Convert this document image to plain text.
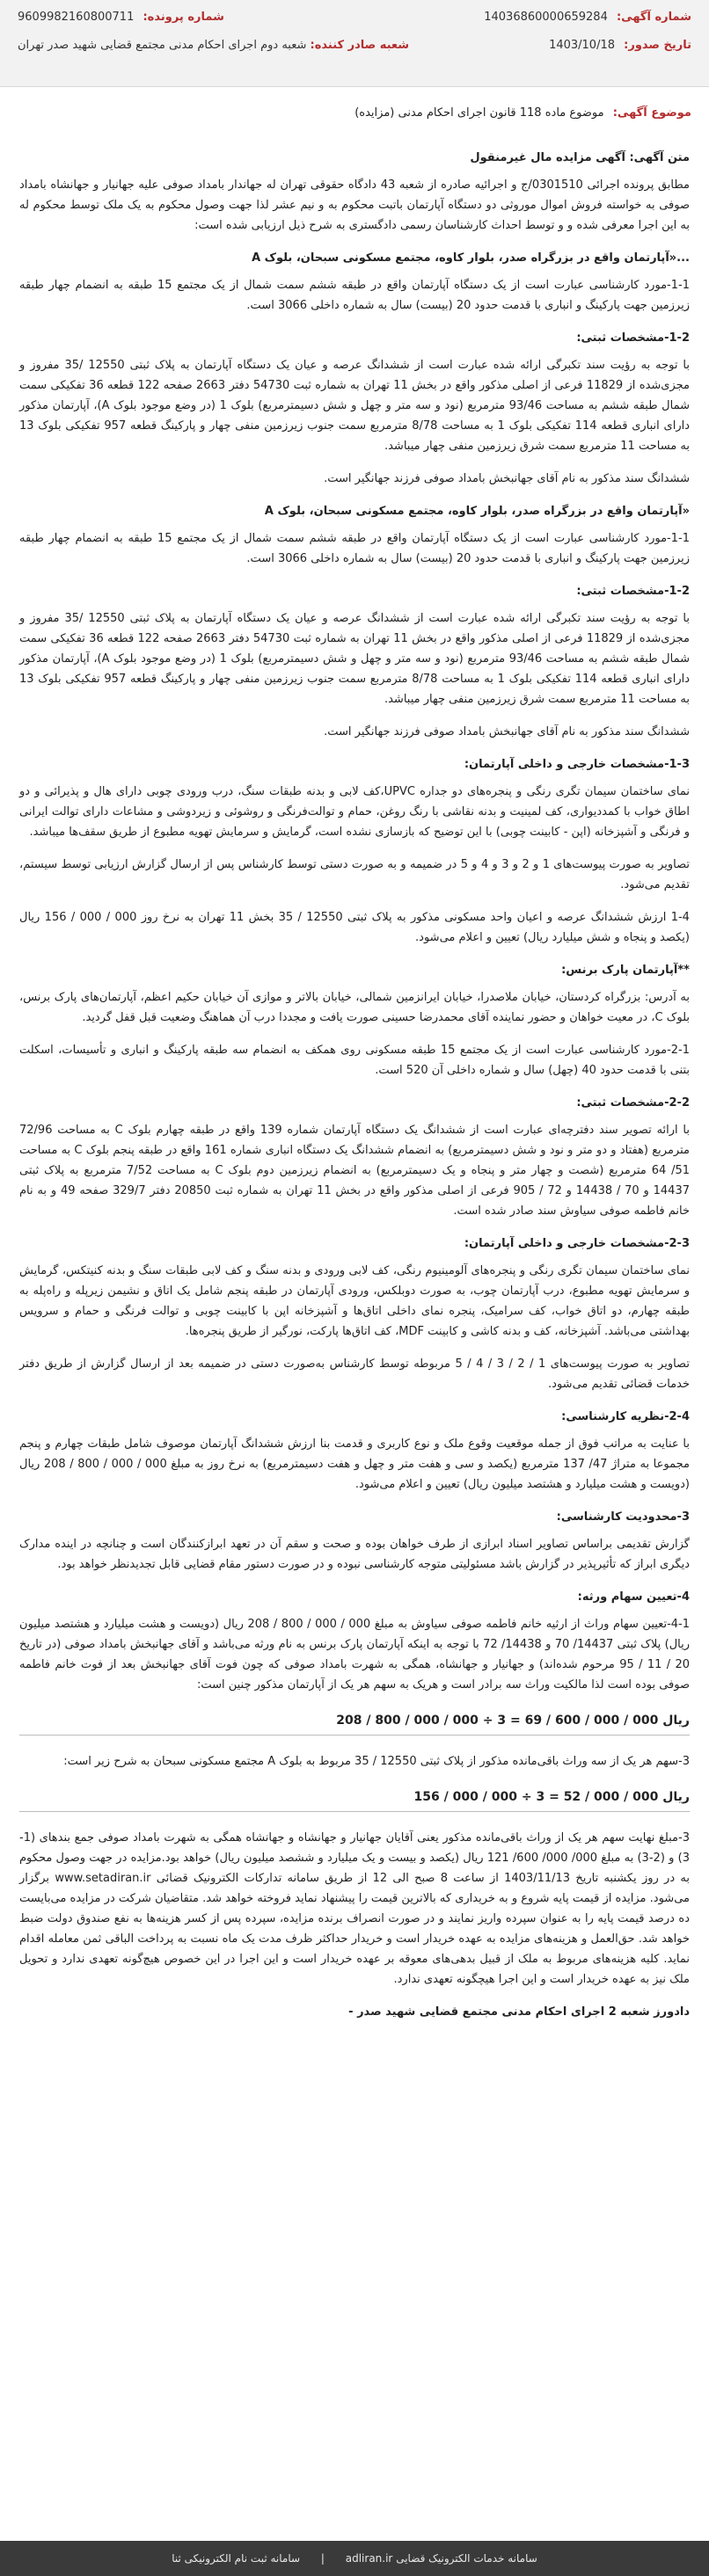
شماره آگهی: 14036860000659284
شماره پرونده: 9609982160800711
تاریخ صدور: 1403/10/18
شعبه صادر کننده: شعبه دوم اجرای احکام مدنی مجتمع قضایی شهید صدر تهران
موضوع آگهی: موضوع ماده 118 قانون اجرای احکام مدنی (مزایده)

متن آگهی: آگهی مزایده مال غیرمنقول

مطابق پرونده اجرائی 0301510/ج و اجرائیه صادره از شعبه 43 دادگاه حقوقی تهران له جهاندار بامداد صوفی علیه جهانیار و جهانشاه بامداد صوفی به خواسته فروش اموال موروثی دو دستگاه آپارتمان باتبت محکوم به و نیم عشر لذا جهت وصول محکوم به یک ملک توسط محکوم له به این اجرا معرفی شده و و توسط احداث کارشناسان رسمی دادگستری به شرح ذیل ارزیابی شده است:

...«آپارتمان واقع در بزرگراه صدر، بلوار کاوه، مجتمع مسکونی سبحان، بلوک A

1-1-مورد کارشناسی عبارت است از یک دستگاه آپارتمان واقع در طبقه ششم سمت شمال از یک مجتمع 15 طبقه به انضمام چهار طبقه زیرزمین جهت پارکینگ و انباری با قدمت حدود 20 (بیست) سال به شماره داخلی 3066 است.

1-2-مشخصات ثبتی:

با توجه به رؤیت سند تکبرگی ارائه شده عبارت است از ششدانگ عرصه و عیان یک دستگاه آپارتمان به پلاک ثبتی 12550 /35 مفروز و مجزی‌شده از 11829 فرعی از اصلی مذکور واقع در بخش 11 تهران به شماره ثبت 54730 دفتر 2663 صفحه 122 قطعه 36 تفکیکی سمت شمال طبقه ششم به مساحت 93/46 مترمربع (نود و سه متر و چهل و شش دسیمترمربع) بلوک 1 (در وضع موجود بلوک A)، آپارتمان مذکور دارای انباری قطعه 114 تفکیکی بلوک 1 به مساحت 8/78 مترمربع سمت جنوب زیرزمین منفی چهار و پارکینگ قطعه 957 تفکیکی بلوک 13 به مساحت 11 مترمربع سمت شرق زیرزمین منفی چهار میباشد.

ششدانگ سند مذکور به نام آقای جهانبخش بامداد صوفی فرزند جهانگیر است.

«آپارتمان واقع در بزرگراه صدر، بلوار کاوه، مجتمع مسکونی سبحان، بلوک A

1-1-مورد کارشناسی عبارت است از یک دستگاه آپارتمان واقع در طبقه ششم سمت شمال از یک مجتمع 15 طبقه به انضمام چهار طبقه زیرزمین جهت پارکینگ و انباری با قدمت حدود 20 (بیست) سال به شماره داخلی 3066 است.

1-2-مشخصات ثبتی:

با توجه به رؤیت سند تکبرگی ارائه شده عبارت است از ششدانگ عرصه و عیان یک دستگاه آپارتمان به پلاک ثبتی 12550 /35 مفروز و مجزی‌شده از 11829 فرعی از اصلی مذکور واقع در بخش 11 تهران به شماره ثبت 54730 دفتر 2663 صفحه 122 قطعه 36 تفکیکی سمت شمال طبقه ششم به مساحت 93/46 مترمربع (نود و سه متر و چهل و شش دسیمترمربع) بلوک 1 (در وضع موجود بلوک A)، آپارتمان مذکور دارای انباری قطعه 114 تفکیکی بلوک 1 به مساحت 8/78 مترمربع سمت جنوب زیرزمین منفی چهار و پارکینگ قطعه 957 تفکیکی بلوک 13 به مساحت 11 مترمربع سمت شرق زیرزمین منفی چهار میباشد.

ششدانگ سند مذکور به نام آقای جهانبخش بامداد صوفی فرزند جهانگیر است.

1-3-مشخصات خارجی و داخلی آپارتمان:

نمای ساختمان سیمان تگری رنگی و پنجره‌های دو جداره UPVC،کف لابی و بدنه طبقات سنگ، درب ورودی چوبی دارای هال و پذیرائی و دو اطاق خواب با کمددیواری، کف لمینیت و بدنه نقاشی با رنگ روغن، حمام و توالت‌فرنگی و روشوئی و زیردوشی و مشاعات دارای توالت ایرانی و فرنگی و آشپزخانه (اپن - کابینت چوبی) با این توضیح که بازسازی نشده است، گرمایش و سرمایش تهویه مطبوع از طریق سقف‌ها میباشد.

تصاویر به صورت پیوست‌های 1 و 2 و 3 و 4 و 5 در ضمیمه و به صورت دستی توسط کارشناس پس از ارسال گزارش ارزیابی توسط سیستم، تقدیم می‌شود.

1-4 ارزش ششدانگ عرصه و اعیان واحد مسکونی مذکور به پلاک ثبتی 12550 / 35 بخش 11 تهران به نرخ روز 000 / 000 / 156 ریال (یکصد و پنجاه و شش میلیارد ریال) تعیین و اعلام می‌شود.

**آپارتمان پارک برنس:

به آدرس: بزرگراه کردستان، خیابان ملاصدرا، خیابان ایرانزمین شمالی، خیابان بالاتر و موازی آن خیابان حکیم اعظم، آپارتمان‌های پارک برنس، بلوک C، در معیت خواهان و حضور نماینده آقای محمدرضا حسینی صورت یافت و مجددا درب آن هماهنگ وضعیت قبل قفل گردید.

2-1-مورد کارشناسی عبارت است از یک مجتمع 15 طبقه مسکونی روی همکف به انضمام سه طبقه پارکینگ و انباری و تأسیسات، اسکلت بتنی با قدمت حدود 40 (چهل) سال و شماره داخلی آن 520 است.

2-2-مشخصات ثبتی:

با ارائه تصویر سند دفترچه‌ای عبارت است از ششدانگ یک دستگاه آپارتمان شماره 139 واقع در طبقه چهارم بلوک C به مساحت 72/96 مترمربع (هفتاد و دو متر و نود و شش دسیمترمربع) به انضمام ششدانگ یک دستگاه انباری شماره 161 واقع در طبقه پنجم بلوک C به مساحت 51/ 64 مترمربع (شصت و چهار متر و پنجاه و یک دسیمترمربع) به انضمام زیرزمین دوم بلوک C به مساحت 7/52 مترمربع به پلاک ثبتی 14437 و 70 / 14438 و 72 / 905 فرعی از اصلی مذکور واقع در بخش 11 تهران به شماره ثبت 20850 دفتر 329/7 صفحه 49 و به نام خانم فاطمه صوفی سیاوش سند صادر شده است.

2-3-مشخصات خارجی و داخلی آپارتمان:

نمای ساختمان سیمان تگری رنگی و پنجره‌های آلومینیوم رنگی، کف لابی ورودی و بدنه سنگ و کف لابی طبقات سنگ و بدنه کنیتکس، گرمایش و سرمایش تهویه مطبوع، درب آپارتمان چوب، به صورت دوبلکس، ورودی آپارتمان در طبقه پنجم شامل یک اتاق و نشیمن زیرپله و راه‌پله به طبقه چهارم، دو اتاق خواب، کف سرامیک، پنجره نمای داخلی اتاق‌ها و آشپزخانه اپن با کابینت چوبی و توالت فرنگی و حمام و سرویس بهداشتی می‌باشد. آشپزخانه، کف و بدنه کاشی و کابینت MDF، کف اتاق‌ها پارکت، نورگیر از طریق پنجره‌ها.

تصاویر به صورت پیوست‌های 1 / 2 / 3 / 4 / 5 مربوطه توسط کارشناس به‌صورت دستی در ضمیمه بعد از ارسال گزارش از طریق دفتر خدمات قضائی تقدیم می‌شود.

2-4-نظریه کارشناسی:

با عنایت به مراتب فوق از جمله موقعیت وقوع ملک و نوع کاربری و قدمت بنا ارزش ششدانگ آپارتمان موصوف شامل طبقات چهارم و پنجم مجموعا به متراژ 47/ 137 مترمربع (یکصد و سی و هفت متر و چهل و هفت دسیمترمربع) به نرخ روز به مبلغ 000 / 000 / 800 / 208 ریال (دویست و هشت میلیارد و هشتصد میلیون ریال) تعیین و اعلام می‌شود.

3-محدودیت کارشناسی:

گزارش تقدیمی براساس تصاویر اسناد ابرازی از طرف خواهان بوده و صحت و سقم آن در تعهد ابرازکنندگان است و چنانچه در اینده مدارک دیگری ابراز که تأثیرپذیر در گزارش باشد مسئولیتی متوجه کارشناسی نبوده و در صورت دستور مقام قضایی قابل تجدیدنظر خواهد بود.

4-تعیین سهام ورثه:

4-1-تعیین سهام وراث از ارثیه خانم فاطمه صوفی سیاوش به مبلغ 000 / 000 / 800 / 208 ریال (دویست و هشت میلیارد و هشتصد میلیون ریال) پلاک ثبتی 14437/ 70 و 14438/ 72 با توجه به اینکه آپارتمان پارک برنس به نام ورثه می‌باشد و آقای جهانبخش بامداد صوفی (در تاریخ 20 / 11 / 95 مرحوم شده‌اند) و جهانیار و جهانشاه، همگی به شهرت بامداد صوفی که چون فوت آقای جهانبخش بعد از فوت خانم فاطمه صوفی بوده است لذا مالکیت وراث سه برادر است و هریک به سهم هر یک از آپارتمان مذکور چنین است:

ریال 000 / 000 / 600 / 69 = 3 ÷ 000 / 000 / 800 / 208

3-سهم هر یک از سه وراث باقی‌مانده مذکور از پلاک ثبتی 12550 / 35 مربوط به بلوک A مجتمع مسکونی سبحان به شرح زیر است:

ریال 000 / 000 / 52 = 3 ÷ 000 / 000 / 156

3-مبلغ نهایت سهم هر یک از وراث باقی‌مانده مذکور یعنی آقایان جهانیار و جهانشاه و جهانشاه همگی به شهرت بامداد صوفی جمع بندهای (1-3) و (2-3) به مبلغ 000/ 000/ 600/ 121 ریال (یکصد و بیست و یک میلیارد و ششصد میلیون ریال) خواهد بود.مزایده در جهت وصول محکوم به در روز یکشنبه تاریخ 1403/11/13 از ساعت 8 صبح الی 12 از طریق سامانه تدارکات الکترونیک قضائی www.setadiran.ir برگزار می‌شود. مزایده از قیمت پایه شروع و به خریداری که بالاترین قیمت را پیشنهاد نماید فروخته خواهد شد. متقاضیان شرکت در مزایده می‌بایست ده درصد قیمت پایه را به عنوان سپرده واریز نمایند و در صورت انصراف برنده مزایده، سپرده پس از کسر هزینه‌ها به نفع صندوق دولت ضبط خواهد شد. حق‌العمل و هزینه‌های مزایده به عهده خریدار است و خریدار حداکثر ظرف مدت یک ماه نسبت به پرداخت الباقی ثمن معامله اقدام نماید. کلیه هزینه‌های مربوط به ملک از قبیل بدهی‌های معوقه بر عهده خریدار است و این اجرا در این خصوص هیچ‌گونه تعهدی ندارد و تحویل ملک نیز به عهده خریدار است و این اجرا هیچگونه تعهدی ندارد.

دادورز شعبه 2 اجرای احکام مدنی مجتمع قضایی شهید صدر -

سامانه خدمات الکترونیک قضایی adliran.ir | سامانه ثبت نام الکترونیکی ثنا
